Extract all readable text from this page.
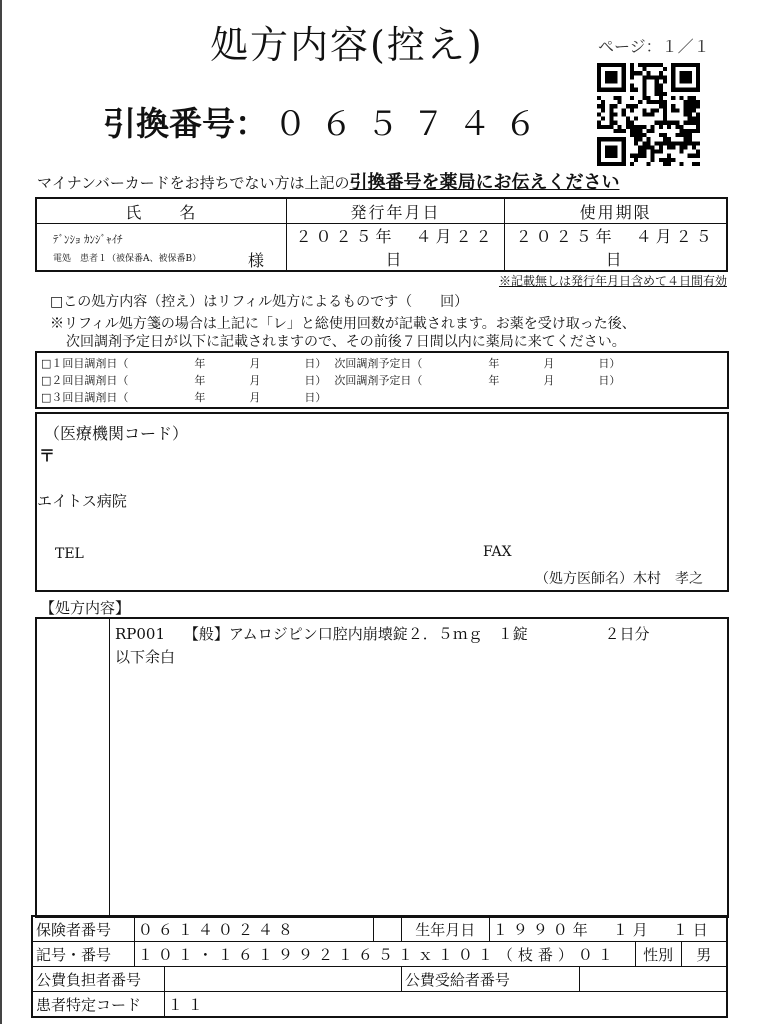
処方内容(控え)	ページ：１／１
引換番号： ０６５７４６
マイナンバーカードをお持ちでない方は上記の引換番号を薬局にお伝えください
氏　　名	発行年月日	使用期限

ﾃﾞﾝｼｮ ｶﾝｼﾞｬｲﾁ
電処　患者１（被保番A、被保番B） 様	２０２５年　４月２２日	２０２５年　４月２５日
※記載無しは発行年月日含めて４日間有効
□この処方内容（控え）はリフィル処方によるものです（　　回）
※リフィル処方箋の場合は上記に「レ」と総使用回数が記載されます。お薬を受け取った後、
次回調剤予定日が以下に記載されますので、その前後７日間以内に薬局に来てください。
□１回目調剤日（　　　　　　年　　　　月　　　　日） 次回調剤予定日（　　　　　　年　　　　月　　　　日）
□２回目調剤日（　　　　　　年　　　　月　　　　日） 次回調剤予定日（　　　　　　年　　　　月　　　　日）
□３回目調剤日（　　　　　　年　　　　月　　　　日）
（医療機関コード）
〒
エイトス病院
TEL	FAX
（処方医師名）木村　孝之
【処方内容】
RP001 【般】アムロジピン口腔内崩壊錠２．５ｍｇ　１錠	２日分
以下余白
保険者番号	０６１４０２４８			生年月日	１９９０年　１月　１日			
記号・番号	１０１・１６１９９２１６５１ｘ１０１（枝番）０１						性別	男
公費負担者番号				公費受給者番号				
患者特定コード		１１						
